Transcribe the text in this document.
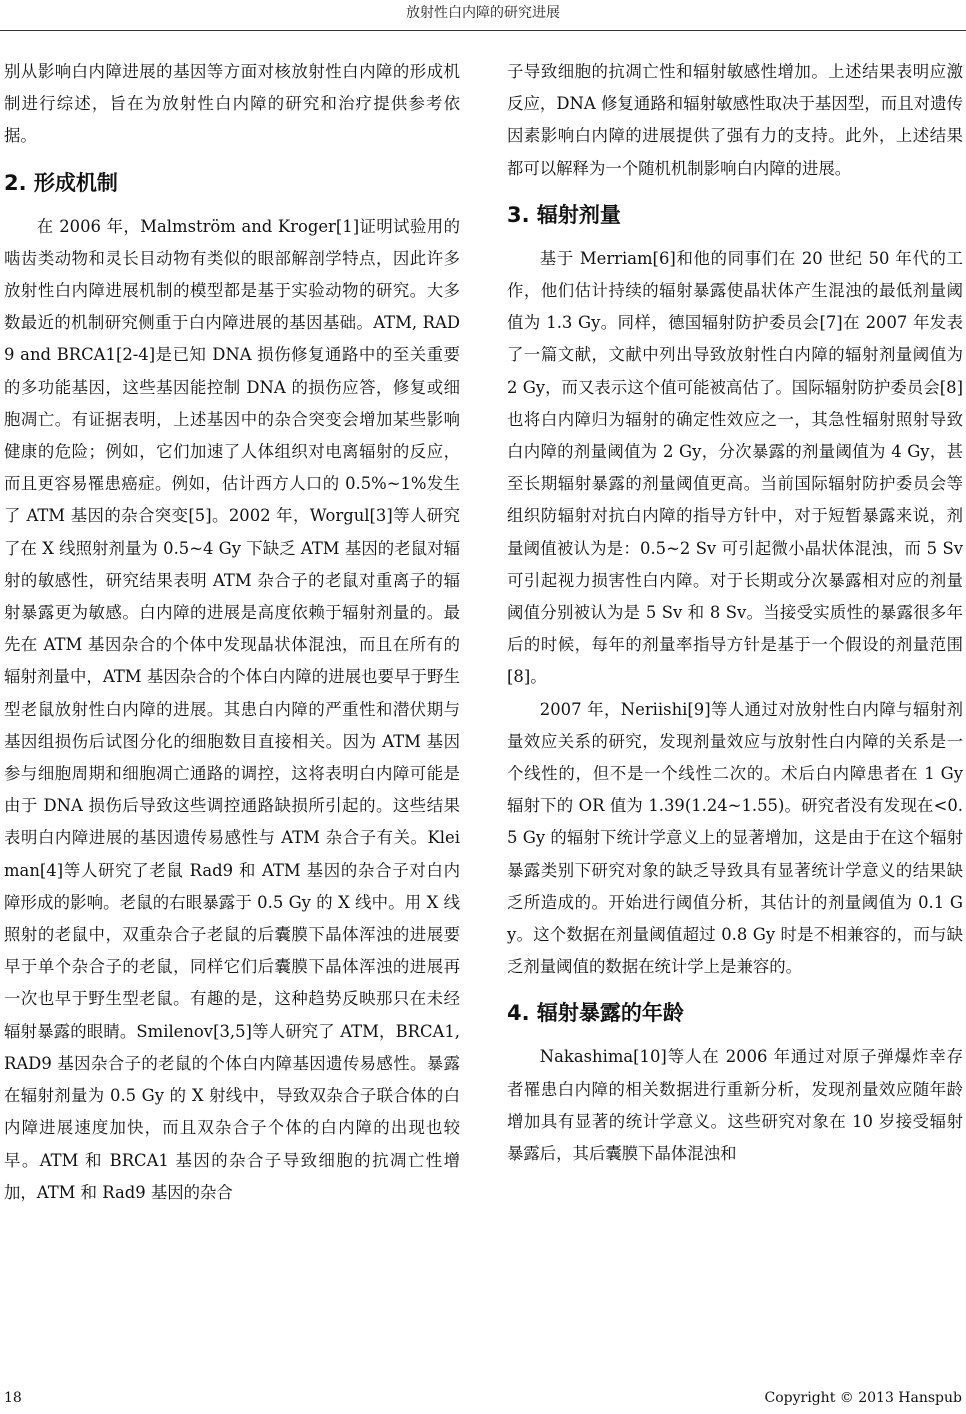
放射性白内障的研究进展

别从影响白内障进展的基因等方面对核放射性白内障的形成机制进行综述，旨在为放射性白内障的研究和治疗提供参考依据。

2. 形成机制

在 2006 年，Malmström and Kroger[1]证明试验用的啮齿类动物和灵长目动物有类似的眼部解剖学特点，因此许多放射性白内障进展机制的模型都是基于实验动物的研究。大多数最近的机制研究侧重于白内障进展的基因基础。ATM, RAD9 and BRCA1[2-4]是已知 DNA 损伤修复通路中的至关重要的多功能基因，这些基因能控制 DNA 的损伤应答，修复或细胞凋亡。有证据表明，上述基因中的杂合突变会增加某些影响健康的危险；例如，它们加速了人体组织对电离辐射的反应，而且更容易罹患癌症。例如，估计西方人口的 0.5%~1%发生了 ATM 基因的杂合突变[5]。2002 年，Worgul[3]等人研究了在 X 线照射剂量为 0.5~4 Gy 下缺乏 ATM 基因的老鼠对辐射的敏感性，研究结果表明 ATM 杂合子的老鼠对重离子的辐射暴露更为敏感。白内障的进展是高度依赖于辐射剂量的。最先在 ATM 基因杂合的个体中发现晶状体混浊，而且在所有的辐射剂量中，ATM 基因杂合的个体白内障的进展也要早于野生型老鼠放射性白内障的进展。其患白内障的严重性和潜伏期与基因组损伤后试图分化的细胞数目直接相关。因为 ATM 基因参与细胞周期和细胞凋亡通路的调控，这将表明白内障可能是由于 DNA 损伤后导致这些调控通路缺损所引起的。这些结果表明白内障进展的基因遗传易感性与 ATM 杂合子有关。Kleiman[4]等人研究了老鼠 Rad9 和 ATM 基因的杂合子对白内障形成的影响。老鼠的右眼暴露于 0.5 Gy 的 X 线中。用 X 线照射的老鼠中，双重杂合子老鼠的后囊膜下晶体浑浊的进展要早于单个杂合子的老鼠，同样它们后囊膜下晶体浑浊的进展再一次也早于野生型老鼠。有趣的是，这种趋势反映那只在未经辐射暴露的眼睛。Smilenov[3,5]等人研究了 ATM，BRCA1, RAD9 基因杂合子的老鼠的个体白内障基因遗传易感性。暴露在辐射剂量为 0.5 Gy 的 X 射线中，导致双杂合子联合体的白内障进展速度加快，而且双杂合子个体的白内障的出现也较早。ATM 和 BRCA1 基因的杂合子导致细胞的抗凋亡性增加，ATM 和 Rad9 基因的杂合

子导致细胞的抗凋亡性和辐射敏感性增加。上述结果表明应激反应，DNA 修复通路和辐射敏感性取决于基因型，而且对遗传因素影响白内障的进展提供了强有力的支持。此外，上述结果都可以解释为一个随机机制影响白内障的进展。

3. 辐射剂量

基于 Merriam[6]和他的同事们在 20 世纪 50 年代的工作，他们估计持续的辐射暴露使晶状体产生混浊的最低剂量阈值为 1.3 Gy。同样，德国辐射防护委员会[7]在 2007 年发表了一篇文献，文献中列出导致放射性白内障的辐射剂量阈值为 2 Gy，而又表示这个值可能被高估了。国际辐射防护委员会[8]也将白内障归为辐射的确定性效应之一，其急性辐射照射导致白内障的剂量阈值为 2 Gy，分次暴露的剂量阈值为 4 Gy，甚至长期辐射暴露的剂量阈值更高。当前国际辐射防护委员会等组织防辐射对抗白内障的指导方针中，对于短暂暴露来说，剂量阈值被认为是：0.5~2 Sv 可引起微小晶状体混浊，而 5 Sv 可引起视力损害性白内障。对于长期或分次暴露相对应的剂量阈值分别被认为是 5 Sv 和 8 Sv。当接受实质性的暴露很多年后的时候，每年的剂量率指导方针是基于一个假设的剂量范围[8]。

2007 年，Neriishi[9]等人通过对放射性白内障与辐射剂量效应关系的研究，发现剂量效应与放射性白内障的关系是一个线性的，但不是一个线性二次的。术后白内障患者在 1 Gy 辐射下的 OR 值为 1.39(1.24~1.55)。研究者没有发现在<0.5 Gy 的辐射下统计学意义上的显著增加，这是由于在这个辐射暴露类别下研究对象的缺乏导致具有显著统计学意义的结果缺乏所造成的。开始进行阈值分析，其估计的剂量阈值为 0.1 Gy。这个数据在剂量阈值超过 0.8 Gy 时是不相兼容的，而与缺乏剂量阈值的数据在统计学上是兼容的。

4. 辐射暴露的年龄

Nakashima[10]等人在 2006 年通过对原子弹爆炸幸存者罹患白内障的相关数据进行重新分析，发现剂量效应随年龄增加具有显著的统计学意义。这些研究对象在 10 岁接受辐射暴露后，其后囊膜下晶体混浊和

18	Copyright © 2013 Hanspub
